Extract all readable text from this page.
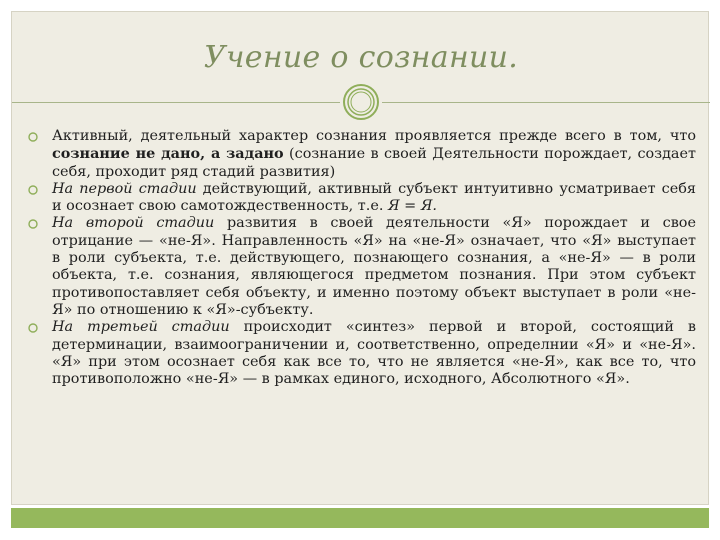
Учение о сознании.
Активный, деятельный характер сознания проявляется прежде всего в том, что сознание не дано, а задано (сознание в своей Деятельности порождает, создает себя, проходит ряд стадий развития)
На первой стадии действующий, активный субъект интуитивно усматривает себя и осознает свою самотождественность, т.е. Я = Я.
На второй стадии развития в своей деятельности «Я» порождает и свое отрицание — «не-Я». Направленность «Я» на «не-Я» означает, что «Я» выступает в роли субъекта, т.е. действующего, познающего сознания, а «не-Я» — в роли объекта, т.е. сознания, являющегося предметом познания. При этом субъект противопоставляет себя объекту, и именно поэтому объект выступает в роли «не-Я» по отношению к «Я»-субъекту.
На третьей стадии происходит «синтез» первой и второй, состоящий в детерминации, взаимоограничении и, соответственно, определнии «Я» и «не-Я». «Я» при этом осознает себя как все то, что не является «не-Я», как все то, что противоположно «не-Я» — в рамках единого, исходного, Абсолютного «Я».
